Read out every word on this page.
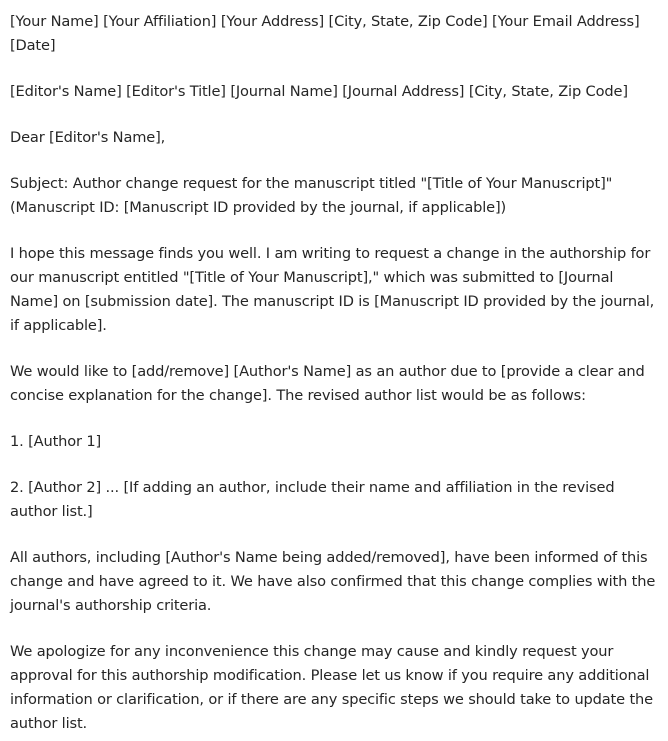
[Your Name] [Your Affiliation] [Your Address] [City, State, Zip Code] [Your Email Address] [Date]

[Editor's Name] [Editor's Title] [Journal Name] [Journal Address] [City, State, Zip Code]

Dear [Editor's Name],

Subject: Author change request for the manuscript titled "[Title of Your Manuscript]" (Manuscript ID: [Manuscript ID provided by the journal, if applicable])

I hope this message finds you well. I am writing to request a change in the authorship for our manuscript entitled "[Title of Your Manuscript]," which was submitted to [Journal Name] on [submission date]. The manuscript ID is [Manuscript ID provided by the journal, if applicable].

We would like to [add/remove] [Author's Name] as an author due to [provide a clear and concise explanation for the change]. The revised author list would be as follows:

1. [Author 1]

2. [Author 2] ... [If adding an author, include their name and affiliation in the revised author list.]

All authors, including [Author's Name being added/removed], have been informed of this change and have agreed to it. We have also confirmed that this change complies with the journal's authorship criteria.

We apologize for any inconvenience this change may cause and kindly request your approval for this authorship modification. Please let us know if you require any additional information or clarification, or if there are any specific steps we should take to update the author list.
